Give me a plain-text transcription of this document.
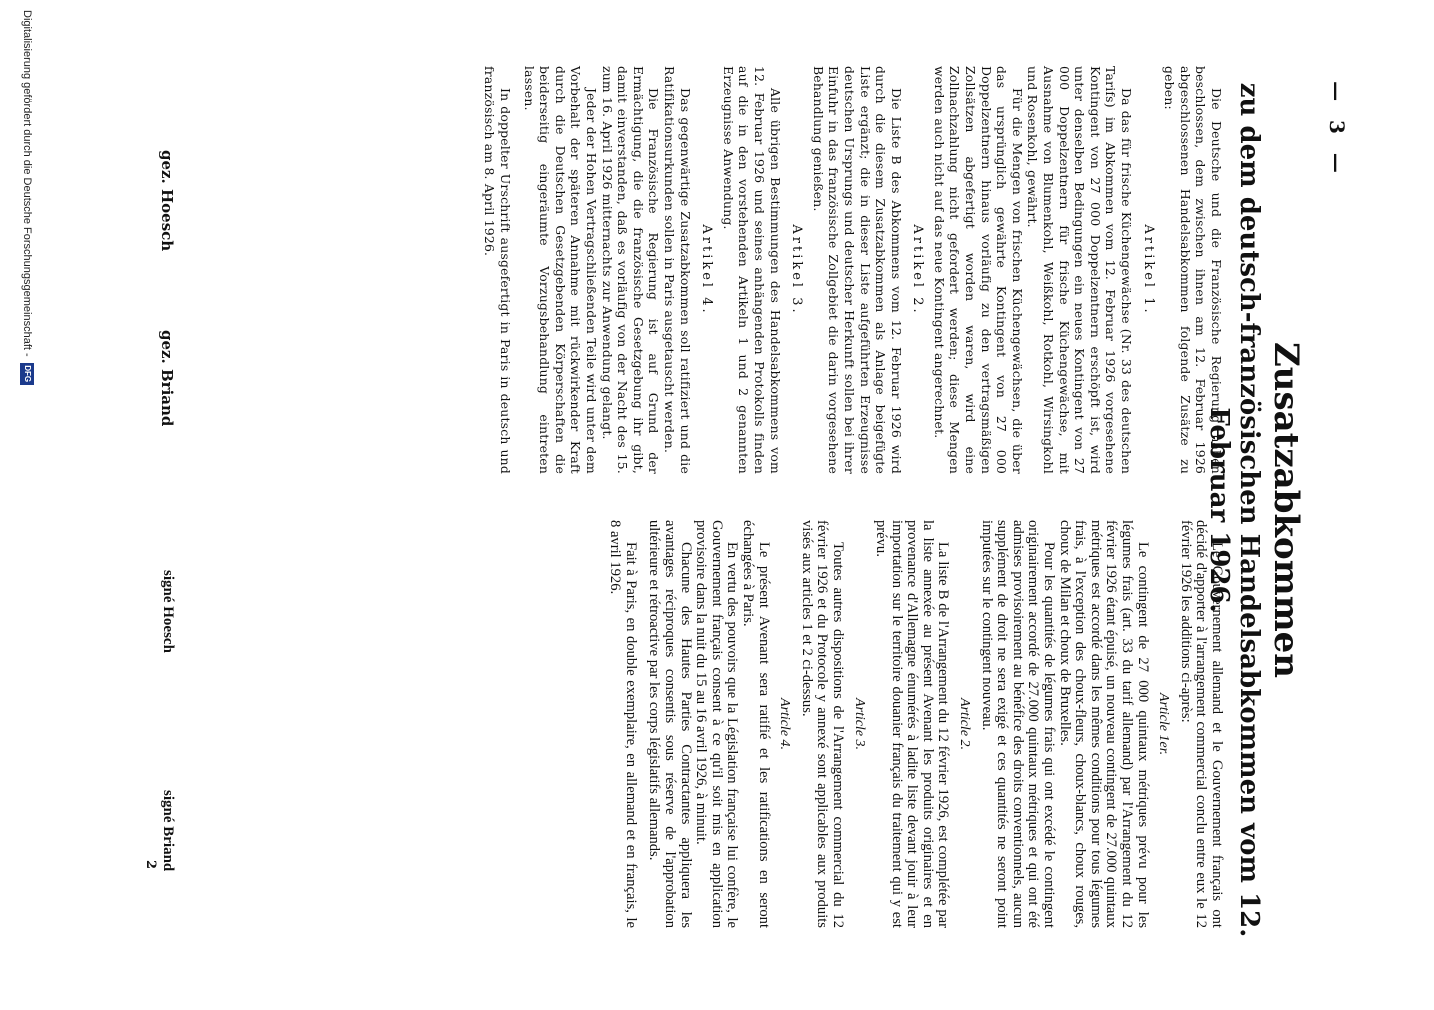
— 3 —
Zusatzabkommen
zu dem deutsch-französischen Handelsabkommen vom 12. Februar 1926.

Die Deutsche und die Französische Regierung haben beschlossen, dem zwischen ihnen am 12. Februar 1926 abgeschlossenen Handelsabkommen folgende Zusätze zu geben:

Artikel 1.

Da das für frische Küchengewächse (Nr. 33 des deutschen Tarifs) im Abkommen vom 12. Februar 1926 vorgesehene Kontingent von 27 000 Doppelzentnern erschöpft ist, wird unter denselben Bedingungen ein neues Kontingent von 27 000 Doppelzentnern für frische Küchengewächse, mit Ausnahme von Blumenkohl, Weißkohl, Rotkohl, Wirsingkohl und Rosenkohl, gewährt.

Für die Mengen von frischen Küchengewächsen, die über das ursprünglich gewährte Kontingent von 27 000 Doppelzentnern hinaus vorläufig zu den vertragsmäßigen Zollsätzen abgefertigt worden waren, wird eine Zollnachzahlung nicht gefordert werden; diese Mengen werden auch nicht auf das neue Kontingent angerechnet.

Artikel 2.

Die Liste B des Abkommens vom 12. Februar 1926 wird durch die diesem Zusatzabkommen als Anlage beigefügte Liste ergänzt; die in dieser Liste aufgeführten Erzeugnisse deutschen Ursprungs und deutscher Herkunft sollen bei ihrer Einfuhr in das französische Zollgebiet die darin vorgesehene Behandlung genießen.

Artikel 3.

Alle übrigen Bestimmungen des Handelsabkommens vom 12. Februar 1926 und seines anhängenden Protokolls finden auf die in den vorstehenden Artikeln 1 und 2 genannten Erzeugnisse Anwendung.

Artikel 4.

Das gegenwärtige Zusatzabkommen soll ratifiziert und die Ratifikationsurkunden sollen in Paris ausgetauscht werden.

Die Französische Regierung ist auf Grund der Ermächtigung, die die französische Gesetzgebung ihr gibt, damit einverstanden, daß es vorläufig von der Nacht des 15. zum 16. April 1926 mitternachts zur Anwendung gelangt.

Jeder der Hohen Vertragschließenden Teile wird unter dem Vorbehalt der späteren Annahme mit rückwirkender Kraft durch die Deutschen Gesetzgebenden Körperschaften die beiderseitig eingeräumte Vorzugsbehandlung eintreten lassen.

In doppelter Urschrift ausgefertigt in Paris in deutsch und französisch am 8. April 1926.

Le Gouvernement allemand et le Gouvernement français ont décidé d'apporter à l'arrangement commercial conclu entre eux le 12 février 1926 les additions ci-après:

Article 1er.

Le contingent de 27 000 quintaux métriques prévu pour les légumes frais (art. 33 du tarif allemand) par l'Arrangement du 12 février 1926 étant épuisé, un nouveau contingent de 27.000 quintaux métriques est accordé dans les mêmes conditions pour tous légumes frais, à l'exception des choux-fleurs, choux-blancs, choux rouges, choux de Milan et choux de Bruxelles.

Pour les quantités de légumes frais qui ont excédé le contingent originairement accordé de 27.000 quintaux métriques et qui ont été admises provisoirement au bénéfice des droits conventionnels, aucun supplément de droit ne sera exigé et ces quantités ne seront point imputées sur le contingent nouveau.

Article 2.

La liste B de l'Arrangement du 12 février 1926, est complétée par la liste annexée au présent Avenant les produits originaires et en provenance d'Allemagne énumérés à ladite liste devant jouir à leur importation sur le territoire douanier français du traitement qui y est prévu.

Article 3.

Toutes autres dispositions de l'Arrangement commercial du 12 février 1926 et du Protocole y annexé sont applicables aux produits visés aux articles 1 et 2 ci-dessus.

Article 4.

Le présent Avenant sera ratifié et les ratifications en seront échangées à Paris.

En vertu des pouvoirs que la Législation française lui confère, le Gouvernement français consent à ce qu'il soit mis en application provisoire dans la nuit du 15 au 16 avril 1926, à minuit.

Chacune des Hautes Parties Contractantes appliquera les avantages réciproques consentis sous réserve de l'approbation ultérieure et rétroactive par les corps législatifs allemands.

Fait à Paris, en double exemplaire, en allemand et en français, le 8 avril 1926.

gez. Hoesch
gez. Briand
signé Hoesch
signé Briand
2
Digitalisierung gefördert durch die Deutsche Forschungsgemeinschaft -
DFG
